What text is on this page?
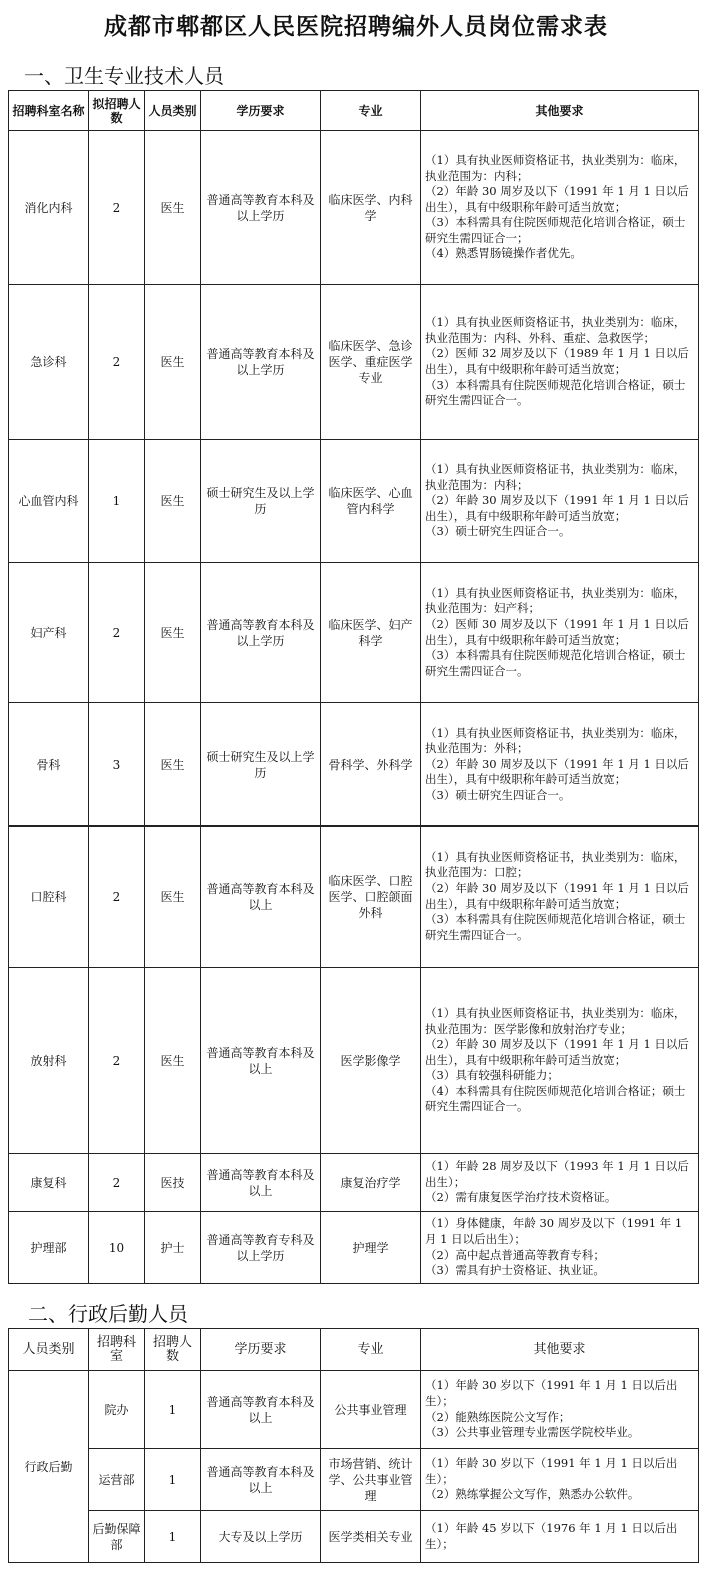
成都市郫都区人民医院招聘编外人员岗位需求表
一、卫生专业技术人员
招聘科室名称	拟招聘人数	人员类别	学历要求	专业	其他要求
消化内科	2	医生	普通高等教育本科及以上学历	临床医学、内科学	（1）具有执业医师资格证书，执业类别为：临床，执业范围为：内科；
（2）年龄 30 周岁及以下（1991 年 1 月 1 日以后出生），具有中级职称年龄可适当放宽；
（3）本科需具有住院医师规范化培训合格证，硕士研究生需四证合一；
（4）熟悉胃肠镜操作者优先。

急诊科	2	医生	普通高等教育本科及以上学历	临床医学、急诊医学、重症医学专业	（1）具有执业医师资格证书，执业类别为：临床，执业范围为：内科、外科、重症、急救医学；
（2）医师 32 周岁及以下（1989 年 1 月 1 日以后出生），具有中级职称年龄可适当放宽；
（3）本科需具有住院医师规范化培训合格证，硕士研究生需四证合一。

心血管内科	1	医生	硕士研究生及以上学历	临床医学、心血管内科学	（1）具有执业医师资格证书，执业类别为：临床，执业范围为：内科；
（2）年龄 30 周岁及以下（1991 年 1 月 1 日以后出生），具有中级职称年龄可适当放宽；
（3）硕士研究生四证合一。

妇产科	2	医生	普通高等教育本科及以上学历	临床医学、妇产科学	（1）具有执业医师资格证书，执业类别为：临床，执业范围为：妇产科；
（2）医师 30 周岁及以下（1991 年 1 月 1 日以后出生），具有中级职称年龄可适当放宽；
（3）本科需具有住院医师规范化培训合格证，硕士研究生需四证合一。

骨科	3	医生	硕士研究生及以上学历	骨科学、外科学	（1）具有执业医师资格证书，执业类别为：临床，执业范围为：外科；
（2）年龄 30 周岁及以下（1991 年 1 月 1 日以后出生），具有中级职称年龄可适当放宽；
（3）硕士研究生四证合一。
口腔科	2	医生	普通高等教育本科及以上	临床医学、口腔医学、口腔颌面外科	（1）具有执业医师资格证书，执业类别为：临床，执业范围为：口腔；
（2）年龄 30 周岁及以下（1991 年 1 月 1 日以后出生），具有中级职称年龄可适当放宽；
（3）本科需具有住院医师规范化培训合格证，硕士研究生需四证合一。

放射科	2	医生	普通高等教育本科及以上	医学影像学	（1）具有执业医师资格证书，执业类别为：临床，执业范围为：医学影像和放射治疗专业；
（2）年龄 30 周岁及以下（1991 年 1 月 1 日以后出生），具有中级职称年龄可适当放宽；
（3）具有较强科研能力；
（4）本科需具有住院医师规范化培训合格证；硕士研究生需四证合一。

康复科	2	医技	普通高等教育本科及以上	康复治疗学	（1）年龄 28 周岁及以下（1993 年 1 月 1 日以后出生）；
（2）需有康复医学治疗技术资格证。

护理部	10	护士	普通高等教育专科及以上学历	护理学	（1）身体健康，年龄 30 周岁及以下（1991 年 1 月 1 日以后出生）；
（2）高中起点普通高等教育专科；
（3）需具有护士资格证、执业证。
二、行政后勤人员
人员类别	招聘科室	招聘人数	学历要求	专业	其他要求
行政后勤	院办	1	普通高等教育本科及以上	公共事业管理	（1）年龄 30 岁以下（1991 年 1 月 1 日以后出生）；
（2）能熟练医院公文写作；
（3）公共事业管理专业需医学院校毕业。

	运营部	1	普通高等教育本科及以上	市场营销、统计学、公共事业管理	（1）年龄 30 岁以下（1991 年 1 月 1 日以后出生）；
（2）熟练掌握公文写作，熟悉办公软件。

	后勤保障部	1	大专及以上学历	医学类相关专业	（1）年龄 45 岁以下（1976 年 1 月 1 日以后出生）；
